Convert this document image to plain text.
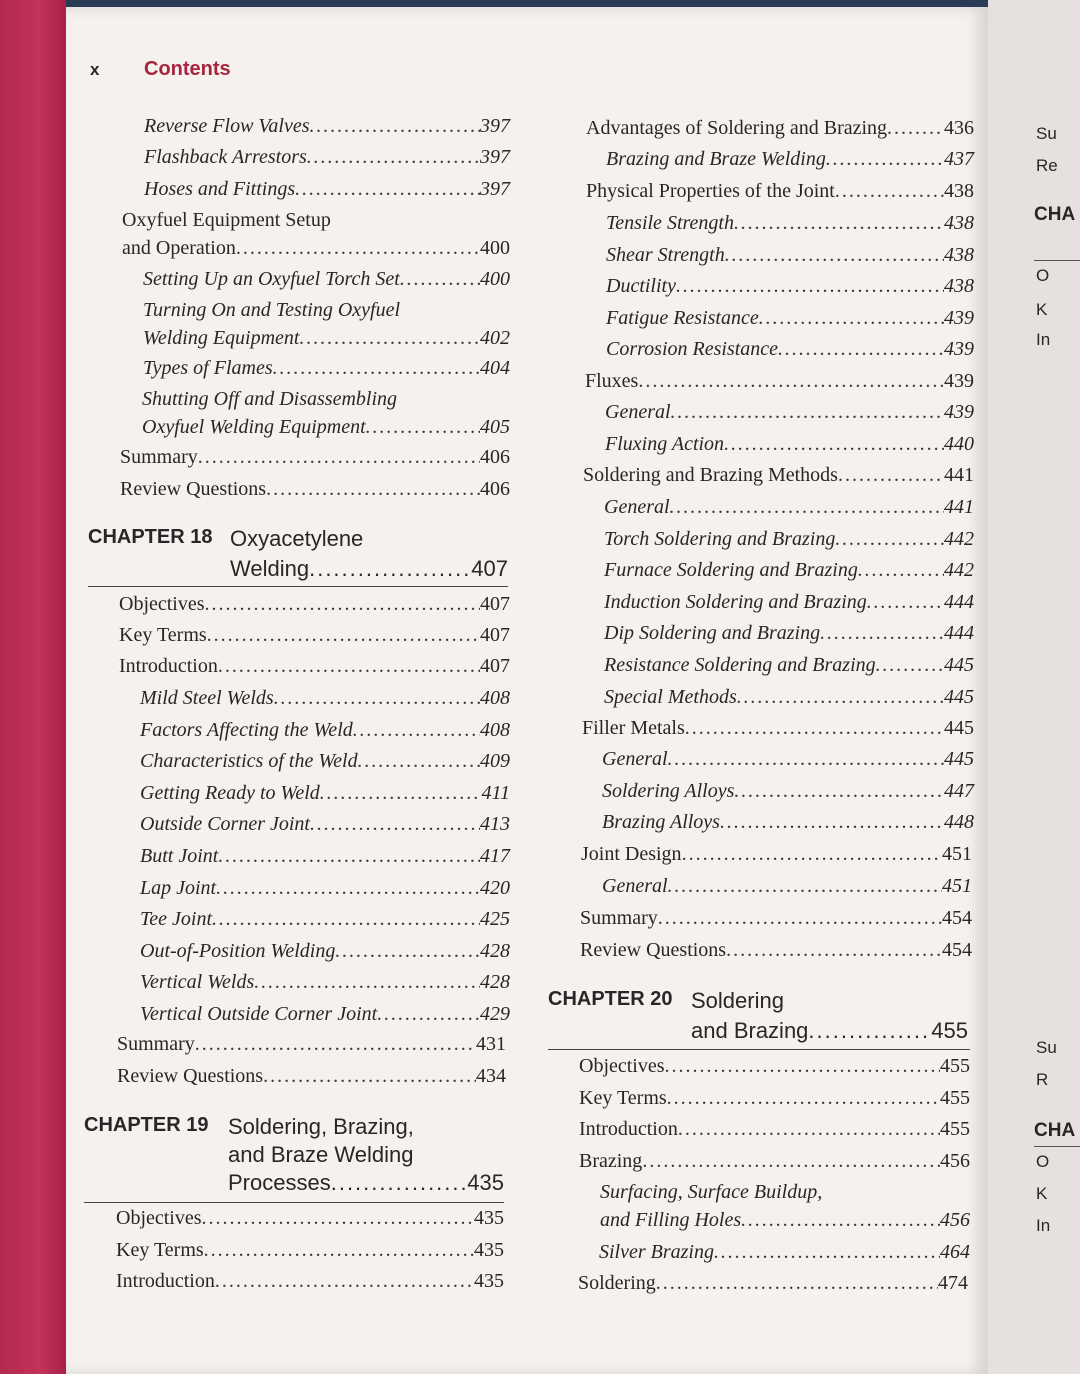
Su
Re
CHA
O
K
In
Su
R
CHA
O
K
In
x Contents
Reverse Flow Valves .....	397
Flashback Arrestors .....	397
Hoses and Fittings .....	397
Oxyfuel Equipment Setup
and Operation .....	400
Setting Up an Oxyfuel Torch Set .....	400
Turning On and Testing Oxyfuel
Welding Equipment .....	402
Types of Flames .....	404
Shutting Off and Disassembling
Oxyfuel Welding Equipment .....	405
Summary .....	406
Review Questions .....	406
Objectives .....	407
Key Terms .....	407
Introduction .....	407
Mild Steel Welds .....	408
Factors Affecting the Weld .....	408
Characteristics of the Weld .....	409
Getting Ready to Weld .....	411
Outside Corner Joint .....	413
Butt Joint .....	417
Lap Joint .....	420
Tee Joint .....	425
Out-of-Position Welding .....	428
Vertical Welds .....	428
Vertical Outside Corner Joint .....	429
Summary .....	431
Review Questions .....	434
Objectives .....	435
Key Terms .....	435
Introduction .....	435
Advantages of Soldering and Brazing .....	436
Brazing and Braze Welding .....	437
Physical Properties of the Joint .....	438
Tensile Strength .....	438
Shear Strength .....	438
Ductility .....	438
Fatigue Resistance .....	439
Corrosion Resistance .....	439
Fluxes .....	439
General .....	439
Fluxing Action .....	440
Soldering and Brazing Methods .....	441
General .....	441
Torch Soldering and Brazing .....	442
Furnace Soldering and Brazing .....	442
Induction Soldering and Brazing .....	444
Dip Soldering and Brazing .....	444
Resistance Soldering and Brazing .....	445
Special Methods .....	445
Filler Metals .....	445
General .....	445
Soldering Alloys .....	447
Brazing Alloys .....	448
Joint Design .....	451
General .....	451
Summary .....	454
Review Questions .....	454
Objectives .....	455
Key Terms .....	455
Introduction .....	455
Brazing .....	456
Surfacing, Surface Buildup,
and Filling Holes .....	456
Silver Brazing .....	464
Soldering .....	474
CHAPTER 18 Oxyacetylene
Welding .....	407
CHAPTER 19 Soldering, Brazing,
and Braze Welding
Processes .....	435
CHAPTER 20 Soldering
and Brazing .....	455
